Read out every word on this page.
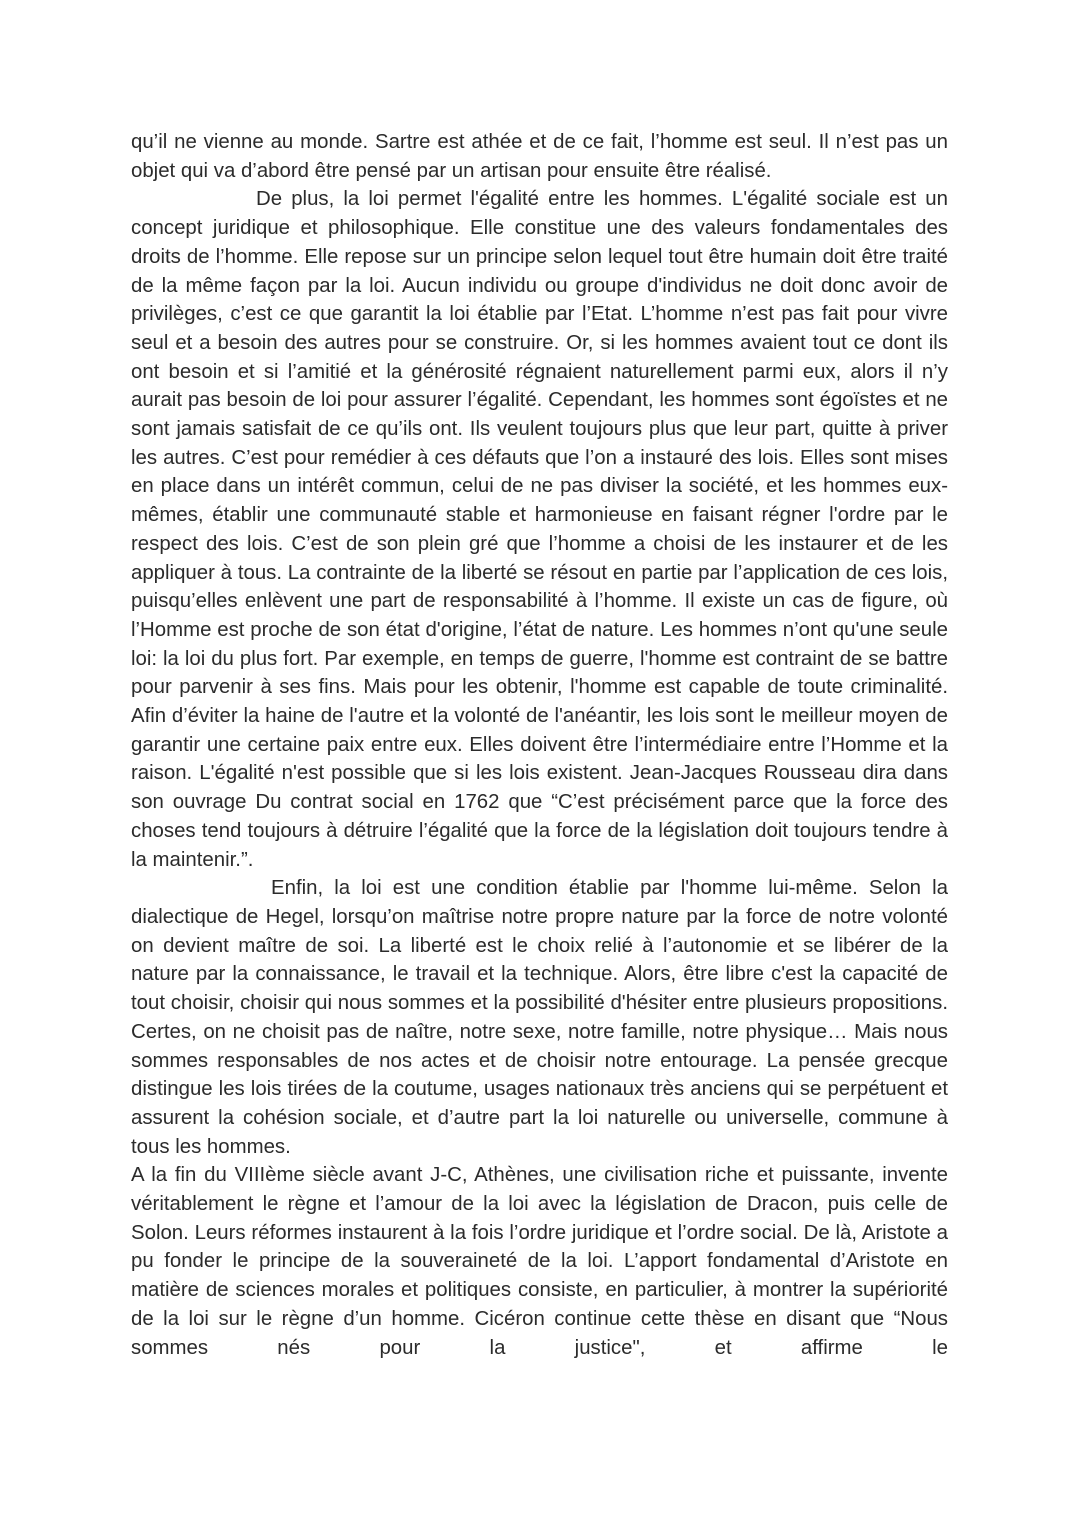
qu’il ne vienne au monde. Sartre est athée et de ce fait, l’homme est seul. Il n’est pas un objet qui va d’abord être pensé par un artisan pour ensuite être réalisé.

De plus, la loi permet l'égalité entre les hommes. L'égalité sociale est un concept juridique et philosophique. Elle constitue une des valeurs fondamentales des droits de l’homme. Elle repose sur un principe selon lequel tout être humain doit être traité de la même façon par la loi. Aucun individu ou groupe d'individus ne doit donc avoir de privilèges, c’est ce que garantit la loi établie par l’Etat. L’homme n’est pas fait pour vivre seul et a besoin des autres pour se construire. Or, si les hommes avaient tout ce dont ils ont besoin et si l’amitié et la générosité régnaient naturellement parmi eux, alors il n’y aurait pas besoin de loi pour assurer l’égalité. Cependant, les hommes sont égoïstes et ne sont jamais satisfait de ce qu’ils ont. Ils veulent toujours plus que leur part, quitte à priver les autres. C’est pour remédier à ces défauts que l’on a instauré des lois. Elles sont mises en place dans un intérêt commun, celui de ne pas diviser la société, et les hommes eux-mêmes, établir une communauté stable et harmonieuse en faisant régner l'ordre par le respect des lois. C’est de son plein gré que l’homme a choisi de les instaurer et de les appliquer à tous. La contrainte de la liberté se résout en partie par l’application de ces lois, puisqu’elles enlèvent une part de responsabilité à l’homme. Il existe un cas de figure, où l’Homme est proche de son état d'origine, l’état de nature. Les hommes n’ont qu'une seule loi: la loi du plus fort. Par exemple, en temps de guerre, l'homme est contraint de se battre pour parvenir à ses fins. Mais pour les obtenir, l'homme est capable de toute criminalité. Afin d’éviter la haine de l'autre et la volonté de l'anéantir, les lois sont le meilleur moyen de garantir une certaine paix entre eux. Elles doivent être l’intermédiaire entre l’Homme et la raison. L'égalité n'est possible que si les lois existent. Jean-Jacques Rousseau dira dans son ouvrage Du contrat social en 1762 que “C’est précisément parce que la force des choses tend toujours à détruire l’égalité que la force de la législation doit toujours tendre à la maintenir.”.

Enfin, la loi est une condition établie par l'homme lui-même. Selon la dialectique de Hegel, lorsqu’on maîtrise notre propre nature par la force de notre volonté on devient maître de soi. La liberté est le choix relié à l’autonomie et se libérer de la nature par la connaissance, le travail et la technique. Alors, être libre c'est la capacité de tout choisir, choisir qui nous sommes et la possibilité d'hésiter entre plusieurs propositions. Certes, on ne choisit pas de naître, notre sexe, notre famille, notre physique… Mais nous sommes responsables de nos actes et de choisir notre entourage. La pensée grecque distingue les lois tirées de la coutume, usages nationaux très anciens qui se perpétuent et assurent la cohésion sociale, et d’autre part la loi naturelle ou universelle, commune à tous les hommes.

A la fin du VIIIème siècle avant J-C, Athènes, une civilisation riche et puissante, invente véritablement le règne et l’amour de la loi avec la législation de Dracon, puis celle de Solon. Leurs réformes instaurent à la fois l’ordre juridique et l’ordre social. De là, Aristote a pu fonder le principe de la souveraineté de la loi. L’apport fondamental d’Aristote en matière de sciences morales et politiques consiste, en particulier, à montrer la supériorité de la loi sur le règne d’un homme. Cicéron continue cette thèse en disant que “Nous sommes nés pour la justice", et affirme le
